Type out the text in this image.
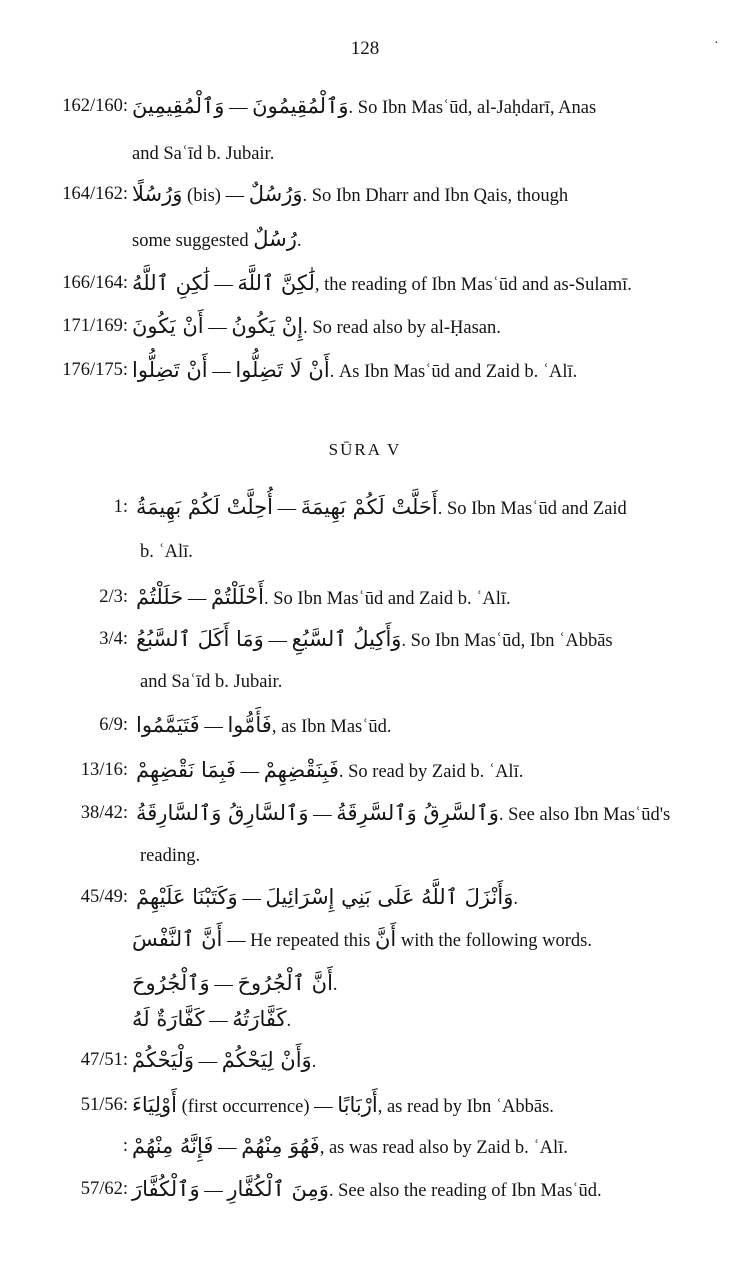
128	·
162/160: وَٱلْمُقِيمِينَ — وَٱلْمُقِيمُونَ. So Ibn Masʿūd, al-Jaḥdarī, Anas
and Saʿīd b. Jubair.
164/162: وَرُسُلًا (bis) — وَرُسُلٌ. So Ibn Dharr and Ibn Qais, though
some suggested رُسُلٌ.
166/164: لَٰكِنِ ٱللَّهُ — لَٰكِنَّ ٱللَّهَ, the reading of Ibn Masʿūd and as-Sulamī.
171/169: أَنْ يَكُونَ — إِنْ يَكُونُ. So read also by al-Ḥasan.
176/175: أَنْ تَضِلُّوا — أَنْ لَا تَضِلُّوا. As Ibn Masʿūd and Zaid b. ʿAlī.
SŪRA V
1: أُحِلَّتْ لَكُمْ بَهِيمَةُ — أَحَلَّتْ لَكُمْ بَهِيمَةَ. So Ibn Masʿūd and Zaid
b. ʿAlī.
2/3: حَلَلْتُمْ — أَحْلَلْتُمْ. So Ibn Masʿūd and Zaid b. ʿAlī.
3/4: وَمَا أَكَلَ ٱلسَّبُعُ — وَأَكِيلُ ٱلسَّبُعِ. So Ibn Masʿūd, Ibn ʿAbbās
and Saʿīd b. Jubair.
6/9: فَتَيَمَّمُوا — فَأَمُّوا, as Ibn Masʿūd.
13/16: فَبِمَا نَقْضِهِمْ — فَبِنَقْضِهِمْ. So read by Zaid b. ʿAlī.
38/42: وَٱلسَّارِقُ وَٱلسَّارِقَةُ — وَٱلسَّرِقُ وَٱلسَّرِقَةُ. See also Ibn Masʿūd's
reading.
45/49: وَكَتَبْنَا عَلَيْهِمْ — وَأَنْزَلَ ٱللَّهُ عَلَى بَنِي إِسْرَائِيلَ.
أَنَّ ٱلنَّفْسَ — He repeated this أَنَّ with the following words.
وَٱلْجُرُوحَ — أَنَّ ٱلْجُرُوحَ.
كَفَّارَةٌ لَهُ — كَفَّارَتُهُ.
47/51: وَلْيَحْكُمْ — وَأَنْ لِيَحْكُمْ.
51/56: أَوْلِيَاءَ (first occurrence) — أَرْبَابًا, as read by Ibn ʿAbbās.
: فَإِنَّهُ مِنْهُمْ — فَهُوَ مِنْهُمْ, as was read also by Zaid b. ʿAlī.
57/62: وَٱلْكُفَّارَ — وَمِنَ ٱلْكُفَّارِ. See also the reading of Ibn Masʿūd.
